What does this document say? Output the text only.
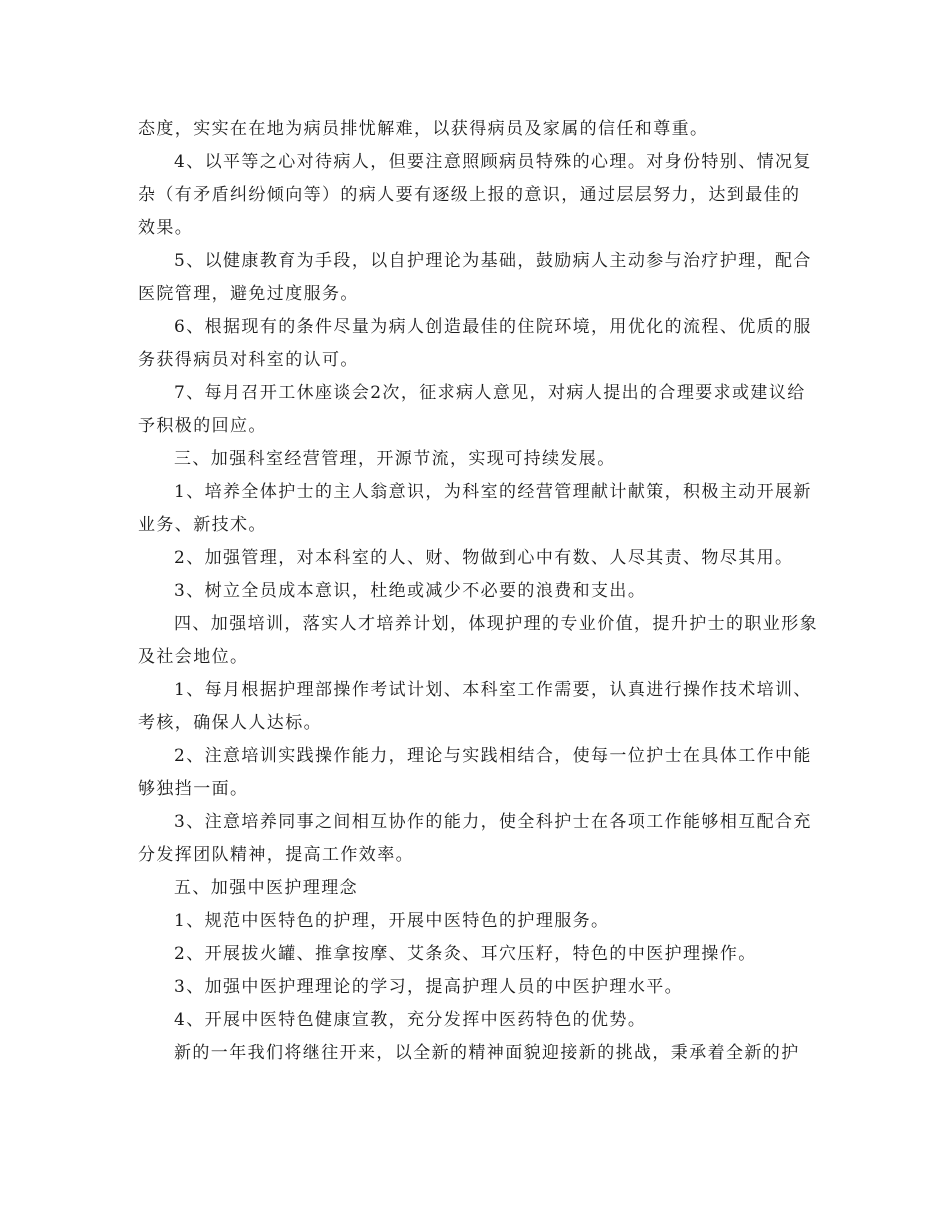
态度，实实在在地为病员排忧解难，以获得病员及家属的信任和尊重。

4、以平等之心对待病人，但要注意照顾病员特殊的心理。对身份特别、情况复杂（有矛盾纠纷倾向等）的病人要有逐级上报的意识，通过层层努力，达到最佳的效果。

5、以健康教育为手段，以自护理论为基础，鼓励病人主动参与治疗护理，配合医院管理，避免过度服务。

6、根据现有的条件尽量为病人创造最佳的住院环境，用优化的流程、优质的服务获得病员对科室的认可。

7、每月召开工休座谈会2次，征求病人意见，对病人提出的合理要求或建议给予积极的回应。

三、加强科室经营管理，开源节流，实现可持续发展。

1、培养全体护士的主人翁意识，为科室的经营管理献计献策，积极主动开展新业务、新技术。

2、加强管理，对本科室的人、财、物做到心中有数、人尽其责、物尽其用。

3、树立全员成本意识，杜绝或减少不必要的浪费和支出。

四、加强培训，落实人才培养计划，体现护理的专业价值，提升护士的职业形象及社会地位。

1、每月根据护理部操作考试计划、本科室工作需要，认真进行操作技术培训、考核，确保人人达标。

2、注意培训实践操作能力，理论与实践相结合，使每一位护士在具体工作中能够独挡一面。

3、注意培养同事之间相互协作的能力，使全科护士在各项工作能够相互配合充分发挥团队精神，提高工作效率。

五、加强中医护理理念

1、规范中医特色的护理，开展中医特色的护理服务。

2、开展拔火罐、推拿按摩、艾条灸、耳穴压籽，特色的中医护理操作。

3、加强中医护理理论的学习，提高护理人员的中医护理水平。

4、开展中医特色健康宣教，充分发挥中医药特色的优势。

新的一年我们将继往开来，以全新的精神面貌迎接新的挑战，秉承着全新的护
